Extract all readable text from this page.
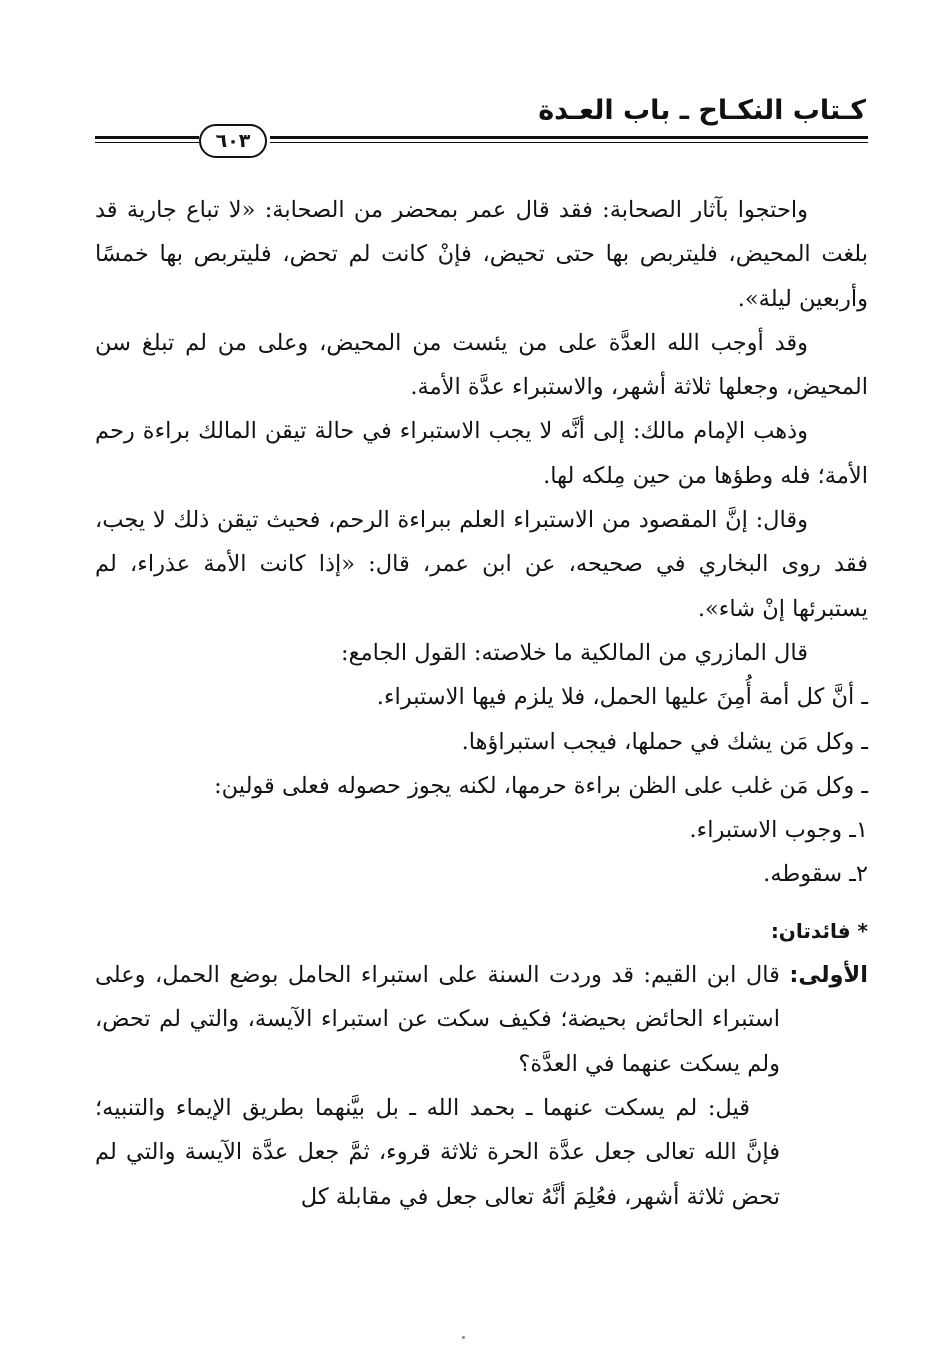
كـتاب النكـاح ـ باب العـدة
٦٠٣

واحتجوا بآثار الصحابة: فقد قال عمر بمحضر من الصحابة: «لا تباع جارية قد بلغت المحيض، فليتربص بها حتى تحيض، فإنْ كانت لم تحض، فليتربص بها خمسًا وأربعين ليلة».

وقد أوجب الله العدَّة على من يئست من المحيض، وعلى من لم تبلغ سن المحيض، وجعلها ثلاثة أشهر، والاستبراء عدَّة الأمة.

وذهب الإمام مالك: إلى أنَّه لا يجب الاستبراء في حالة تيقن المالك براءة رحم الأمة؛ فله وطؤها من حين مِلكه لها.

وقال: إنَّ المقصود من الاستبراء العلم ببراءة الرحم، فحيث تيقن ذلك لا يجب، فقد روى البخاري في صحيحه، عن ابن عمر، قال: «إذا كانت الأمة عذراء، لم يستبرئها إنْ شاء».

قال المازري من المالكية ما خلاصته: القول الجامع:

ـ أنَّ كل أمة أُمِنَ عليها الحمل، فلا يلزم فيها الاستبراء.

ـ وكل مَن يشك في حملها، فيجب استبراؤها.

ـ وكل مَن غلب على الظن براءة حرمها، لكنه يجوز حصوله فعلى قولين:

١ـ وجوب الاستبراء.

٢ـ سقوطه.

* فائدتان:

الأولى: قال ابن القيم: قد وردت السنة على استبراء الحامل بوضع الحمل، وعلى استبراء الحائض بحيضة؛ فكيف سكت عن استبراء الآيسة، والتي لم تحض، ولم يسكت عنهما في العدَّة؟

قيل: لم يسكت عنهما ـ بحمد الله ـ بل بيَّنهما بطريق الإيماء والتنبيه؛ فإنَّ الله تعالى جعل عدَّة الحرة ثلاثة قروء، ثمَّ جعل عدَّة الآيسة والتي لم تحض ثلاثة أشهر، فعُلِمَ أنَّهُ تعالى جعل في مقابلة كل
